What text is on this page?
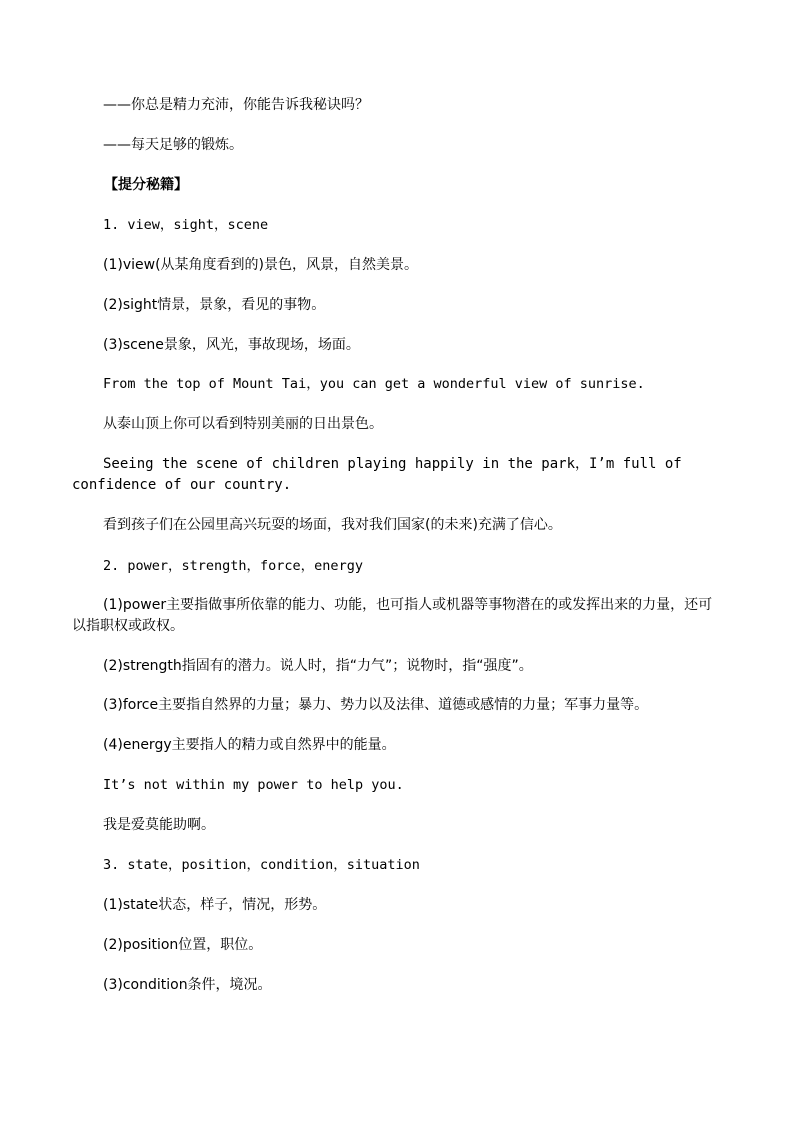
——你总是精力充沛，你能告诉我秘诀吗？
——每天足够的锻炼。
【提分秘籍】
1. view，sight，scene
(1)view(从某角度看到的)景色，风景，自然美景。
(2)sight情景，景象，看见的事物。
(3)scene景象，风光，事故现场，场面。
From the top of Mount Tai，you can get a wonderful view of sunrise.
从泰山顶上你可以看到特别美丽的日出景色。
Seeing the scene of children playing happily in the park，I’m full of confidence of our country.
看到孩子们在公园里高兴玩耍的场面，我对我们国家(的未来)充满了信心。
2. power，strength，force，energy
(1)power主要指做事所依靠的能力、功能，也可指人或机器等事物潜在的或发挥出来的力量，还可以指职权或政权。
(2)strength指固有的潜力。说人时，指“力气”；说物时，指“强度”。
(3)force主要指自然界的力量；暴力、势力以及法律、道德或感情的力量；军事力量等。
(4)energy主要指人的精力或自然界中的能量。
It’s not within my power to help you.
我是爱莫能助啊。
3. state，position，condition，situation
(1)state状态，样子，情况，形势。
(2)position位置，职位。
(3)condition条件，境况。
